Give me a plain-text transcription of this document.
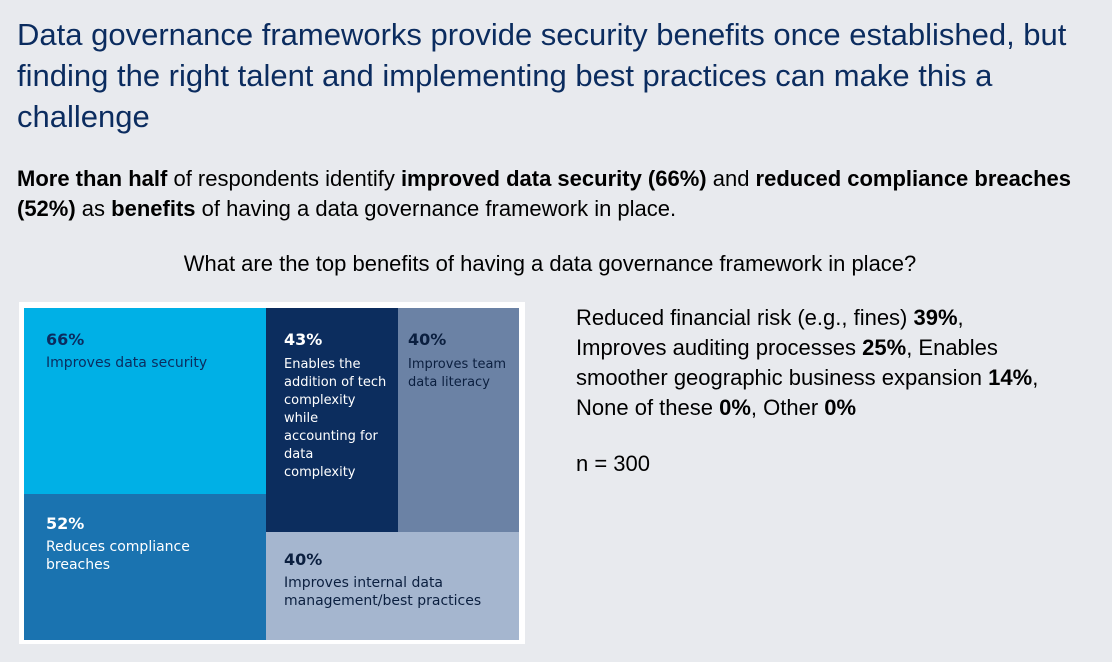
Data governance frameworks provide security benefits once established, but finding the right talent and implementing best practices can make this a challenge

More than half of respondents identify improved data security (66%) and reduced compliance breaches (52%) as benefits of having a data governance framework in place.

What are the top benefits of having a data governance framework in place?
66%
Improves data security
52%
Reduces compliance breaches
43%
Enables the addition of tech complexity while accounting for data complexity
40%
Improves team data literacy
40%
Improves internal data management/best practices
Reduced financial risk (e.g., fines) 39%,
Improves auditing processes 25%, Enables
smoother geographic business expansion 14%,
None of these 0%, Other 0%
n = 300
